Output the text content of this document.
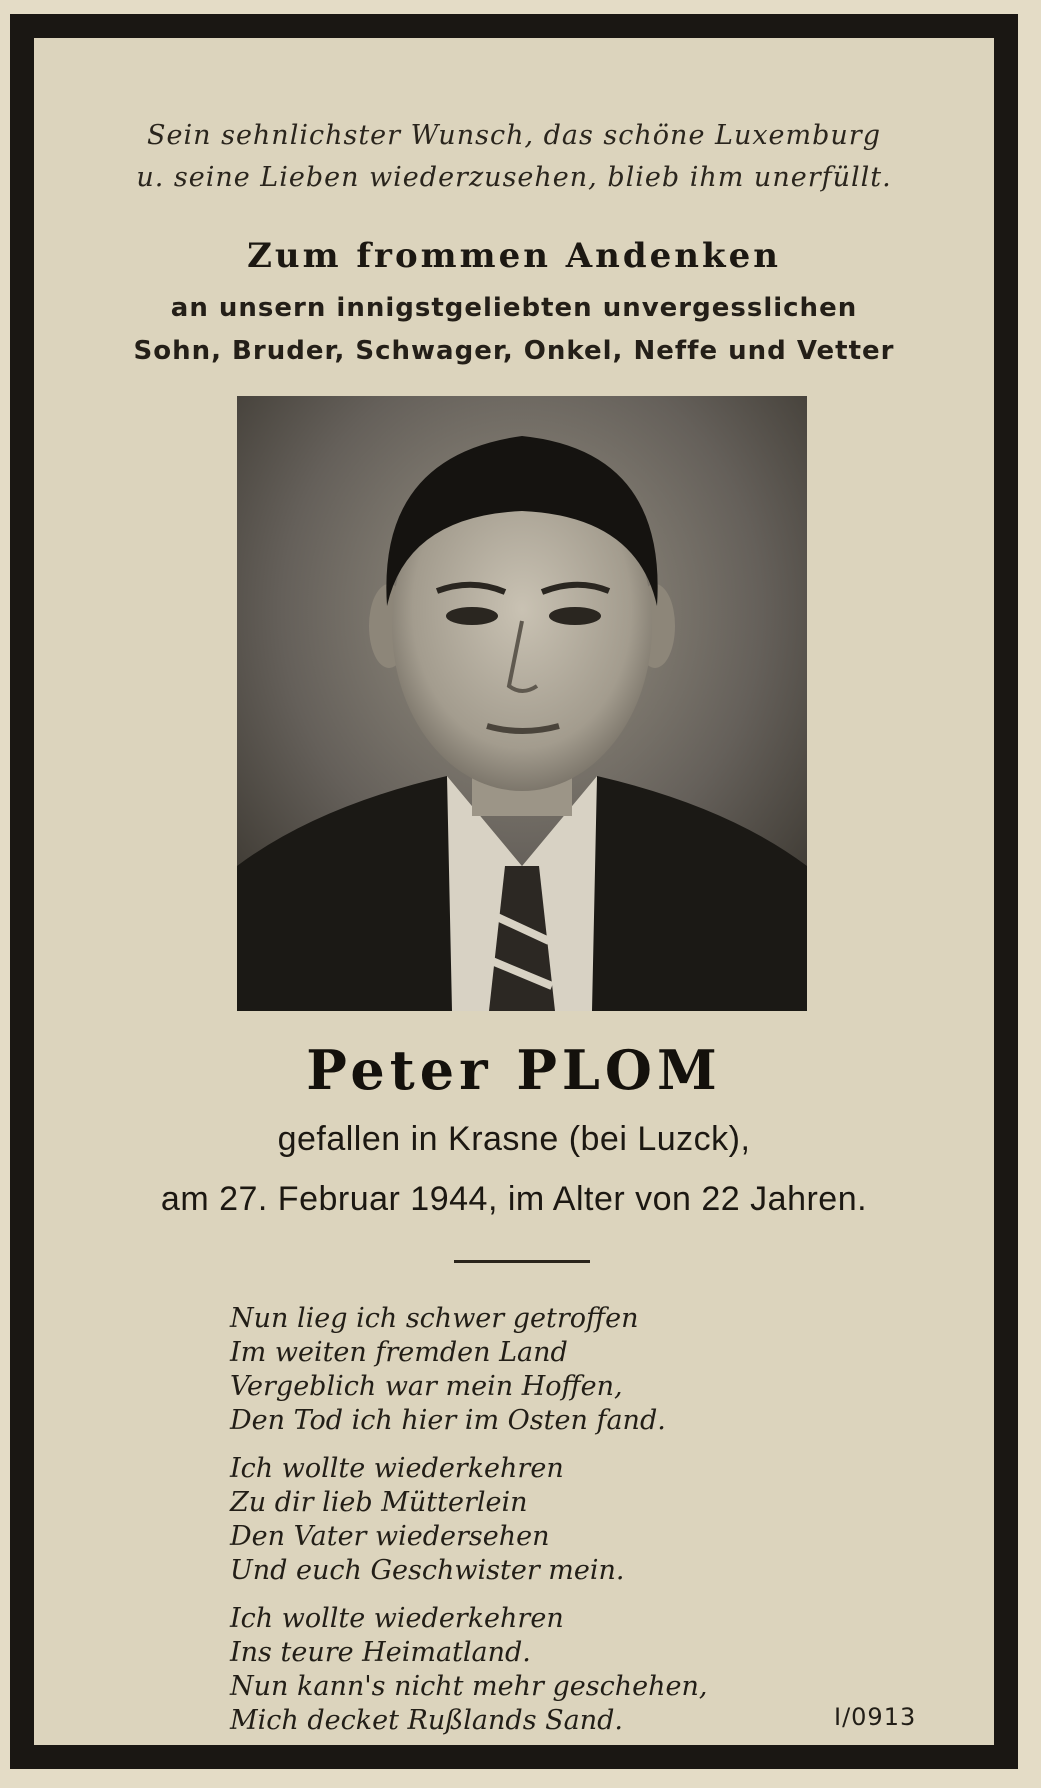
Sein sehnlichster Wunsch, das schöne Luxemburg
u. seine Lieben wiederzusehen, blieb ihm unerfüllt.
Zum frommen Andenken
an unsern innigstgeliebten unvergesslichen
Sohn, Bruder, Schwager, Onkel, Neffe und Vetter
Peter PLOM
gefallen in Krasne (bei Luzck),
am 27. Februar 1944, im Alter von 22 Jahren.
Nun lieg ich schwer getroffen
Im weiten fremden Land
Vergeblich war mein Hoffen,
Den Tod ich hier im Osten fand.
Ich wollte wiederkehren
Zu dir lieb Mütterlein
Den Vater wiedersehen
Und euch Geschwister mein.
Ich wollte wiederkehren
Ins teure Heimatland.
Nun kann's nicht mehr geschehen,
Mich decket Rußlands Sand.	I/0913
